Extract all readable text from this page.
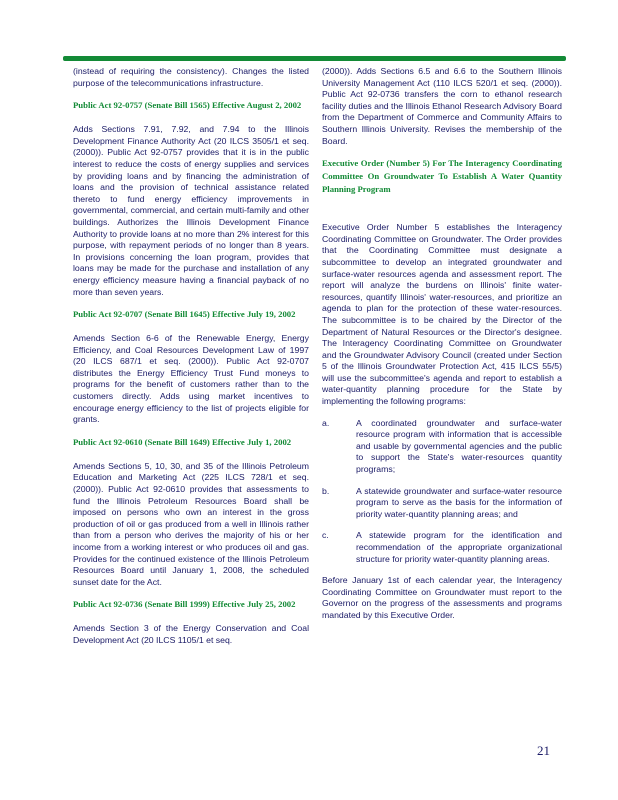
(instead of requiring the consistency). Changes the listed purpose of the telecommunications infrastructure.

Public Act 92-0757 (Senate Bill 1565) Effective August 2, 2002

Adds Sections 7.91, 7.92, and 7.94 to the Illinois Development Finance Authority Act (20 ILCS 3505/1 et seq. (2000)). Public Act 92-0757 provides that it is in the public interest to reduce the costs of energy supplies and services by providing loans and by financing the administration of loans and the provision of technical assistance related thereto to fund energy efficiency improvements in governmental, commercial, and certain multi-family and other buildings. Authorizes the Illinois Development Finance Authority to provide loans at no more than 2% interest for this purpose, with repayment periods of no longer than 8 years. In provisions concerning the loan program, provides that loans may be made for the purchase and installation of any energy efficiency measure having a financial payback of no more than seven years.

Public Act 92-0707 (Senate Bill 1645) Effective July 19, 2002

Amends Section 6-6 of the Renewable Energy, Energy Efficiency, and Coal Resources Development Law of 1997 (20 ILCS 687/1 et seq. (2000)). Public Act 92-0707 distributes the Energy Efficiency Trust Fund moneys to programs for the benefit of customers rather than to the customers directly. Adds using market incentives to encourage energy efficiency to the list of projects eligible for grants.

Public Act 92-0610 (Senate Bill 1649) Effective July 1, 2002

Amends Sections 5, 10, 30, and 35 of the Illinois Petroleum Education and Marketing Act (225 ILCS 728/1 et seq. (2000)). Public Act 92-0610 provides that assessments to fund the Illinois Petroleum Resources Board shall be imposed on persons who own an interest in the gross production of oil or gas produced from a well in Illinois rather than from a person who derives the majority of his or her income from a working interest or who produces oil and gas. Provides for the continued existence of the Illinois Petroleum Resources Board until January 1, 2008, the scheduled sunset date for the Act.

Public Act 92-0736 (Senate Bill 1999) Effective July 25, 2002

Amends Section 3 of the Energy Conservation and Coal Development Act (20 ILCS 1105/1 et seq.

(2000)). Adds Sections 6.5 and 6.6 to the Southern Illinois University Management Act (110 ILCS 520/1 et seq. (2000)). Public Act 92-0736 transfers the corn to ethanol research facility duties and the Illinois Ethanol Research Advisory Board from the Department of Commerce and Community Affairs to Southern Illinois University. Revises the membership of the Board.

Executive Order (Number 5) For The Interagency Coordinating Committee On Groundwater To Establish A Water Quantity Planning Program

Executive Order Number 5 establishes the Interagency Coordinating Committee on Groundwater. The Order provides that the Coordinating Committee must designate a subcommittee to develop an integrated groundwater and surface-water resources agenda and assessment report. The report will analyze the burdens on Illinois' finite water-resources, quantify Illinois' water-resources, and prioritize an agenda to plan for the protection of these water-resources. The subcommittee is to be chaired by the Director of the Department of Natural Resources or the Director's designee. The Interagency Coordinating Committee on Groundwater and the Groundwater Advisory Council (created under Section 5 of the Illinois Groundwater Protection Act, 415 ILCS 55/5) will use the subcommittee's agenda and report to establish a water-quantity planning procedure for the State by implementing the following programs:

a.	A coordinated groundwater and surface-water resource program with information that is accessible and usable by governmental agencies and the public to support the State's water-resources quantity programs;
b.	A statewide groundwater and surface-water resource program to serve as the basis for the information of priority water-quantity planning areas; and
c.	A statewide program for the identification and recommendation of the appropriate organizational structure for priority water-quantity planning areas.

Before January 1st of each calendar year, the Interagency Coordinating Committee on Groundwater must report to the Governor on the progress of the assessments and programs mandated by this Executive Order.

21
